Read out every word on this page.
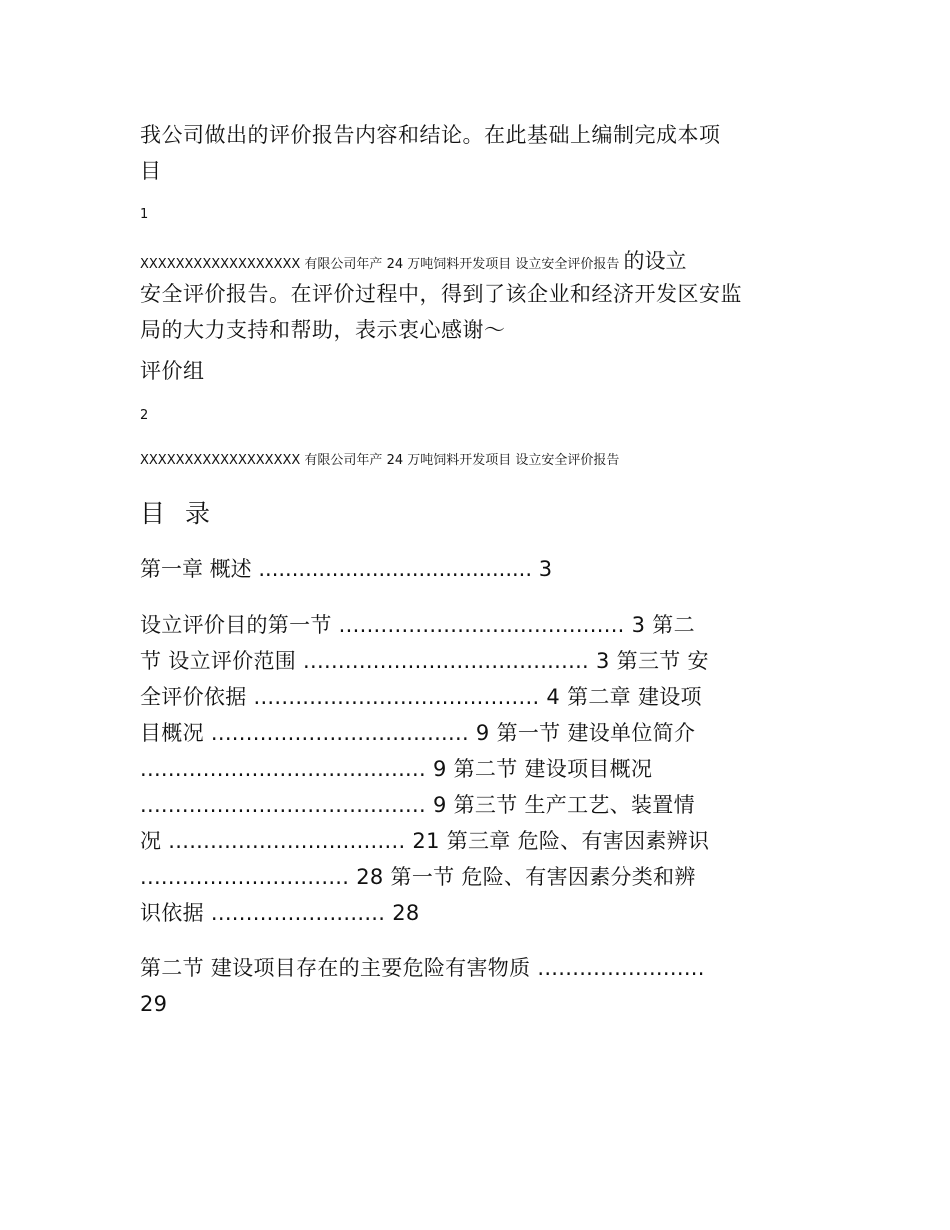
我公司做出的评价报告内容和结论。在此基础上编制完成本项
目

1

XXXXXXXXXXXXXXXXXX 有限公司年产 24 万吨饲料开发项目 设立安全评价报告 的设立

安全评价报告。在评价过程中，得到了该企业和经济开发区安监
局的大力支持和帮助，表示衷心感谢～

评价组

2

XXXXXXXXXXXXXXXXXX 有限公司年产 24 万吨饲料开发项目 设立安全评价报告

目 录

第一章 概述 ......................................... 3

设立评价目的第一节 ......................................... 3 第二
节 设立评价范围 ......................................... 3 第三节 安
全评价依据 ......................................... 4 第二章 建设项
目概况 ..................................... 9 第一节 建设单位简介
......................................... 9 第二节 建设项目概况
......................................... 9 第三节 生产工艺、装置情
况 .................................. 21 第三章 危险、有害因素辨识
.............................. 28 第一节 危险、有害因素分类和辨
识依据 ......................... 28
第二节 建设项目存在的主要危险有害物质 ........................
29
